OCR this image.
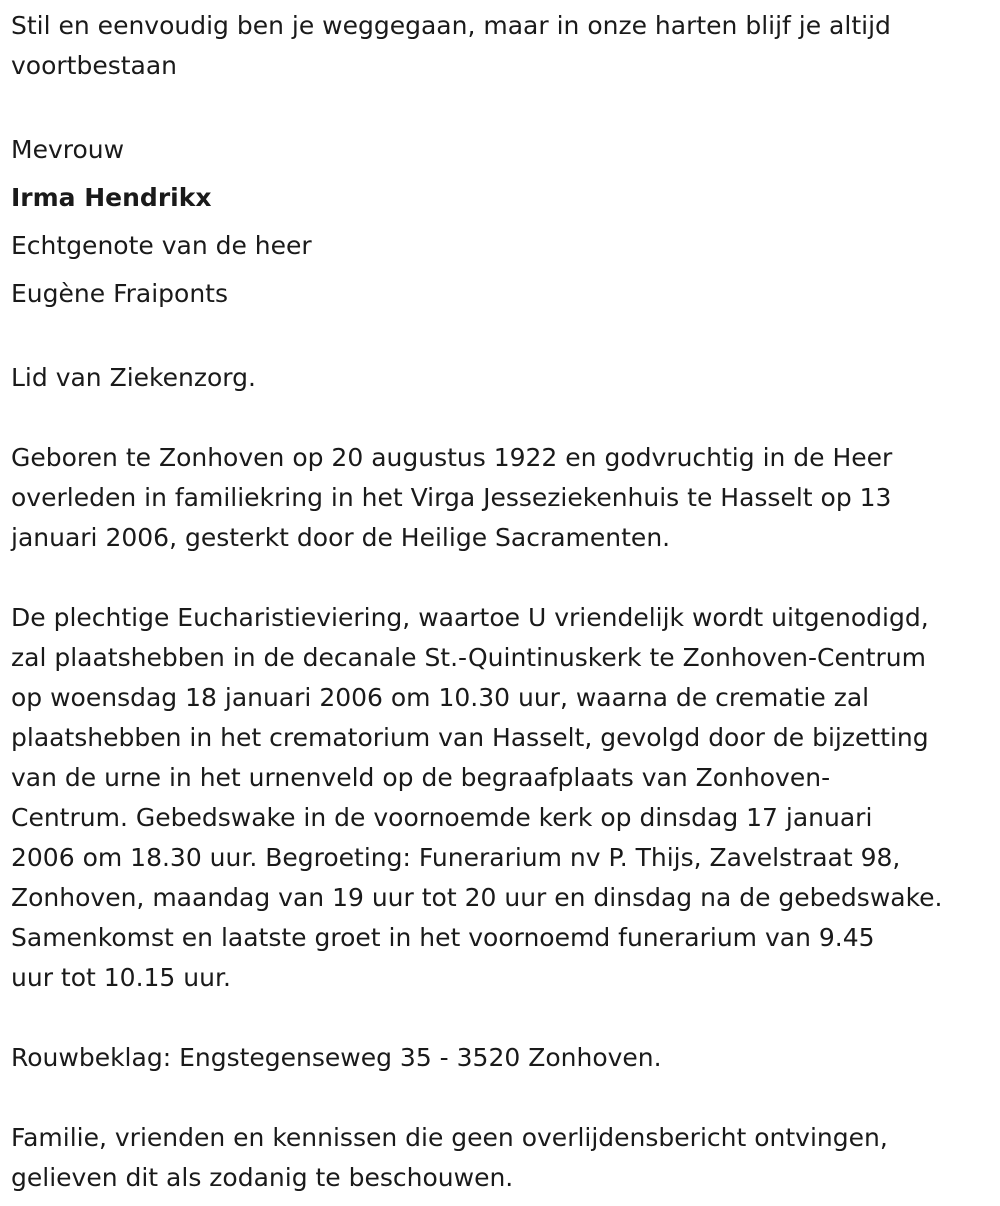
Stil en eenvoudig ben je weggegaan, maar in onze harten blijf je altijd

voortbestaan

Mevrouw

Irma Hendrikx

Echtgenote van de heer

Eugène Fraiponts

Lid van Ziekenzorg.

Geboren te Zonhoven op 20 augustus 1922 en godvruchtig in de Heer

overleden in familiekring in het Virga Jesseziekenhuis te Hasselt op 13

januari 2006, gesterkt door de Heilige Sacramenten.

De plechtige Eucharistieviering, waartoe U vriendelijk wordt uitgenodigd,

zal plaatshebben in de decanale St.-Quintinuskerk te Zonhoven-Centrum

op woensdag 18 januari 2006 om 10.30 uur, waarna de crematie zal

plaatshebben in het crematorium van Hasselt, gevolgd door de bijzetting

van de urne in het urnenveld op de begraafplaats van Zonhoven-

Centrum. Gebedswake in de voornoemde kerk op dinsdag 17 januari

2006 om 18.30 uur. Begroeting: Funerarium nv P. Thijs, Zavelstraat 98,

Zonhoven, maandag van 19 uur tot 20 uur en dinsdag na de gebedswake.

Samenkomst en laatste groet in het voornoemd funerarium van 9.45

uur tot 10.15 uur.

Rouwbeklag: Engstegenseweg 35 - 3520 Zonhoven.

Familie, vrienden en kennissen die geen overlijdensbericht ontvingen,

gelieven dit als zodanig te beschouwen.
